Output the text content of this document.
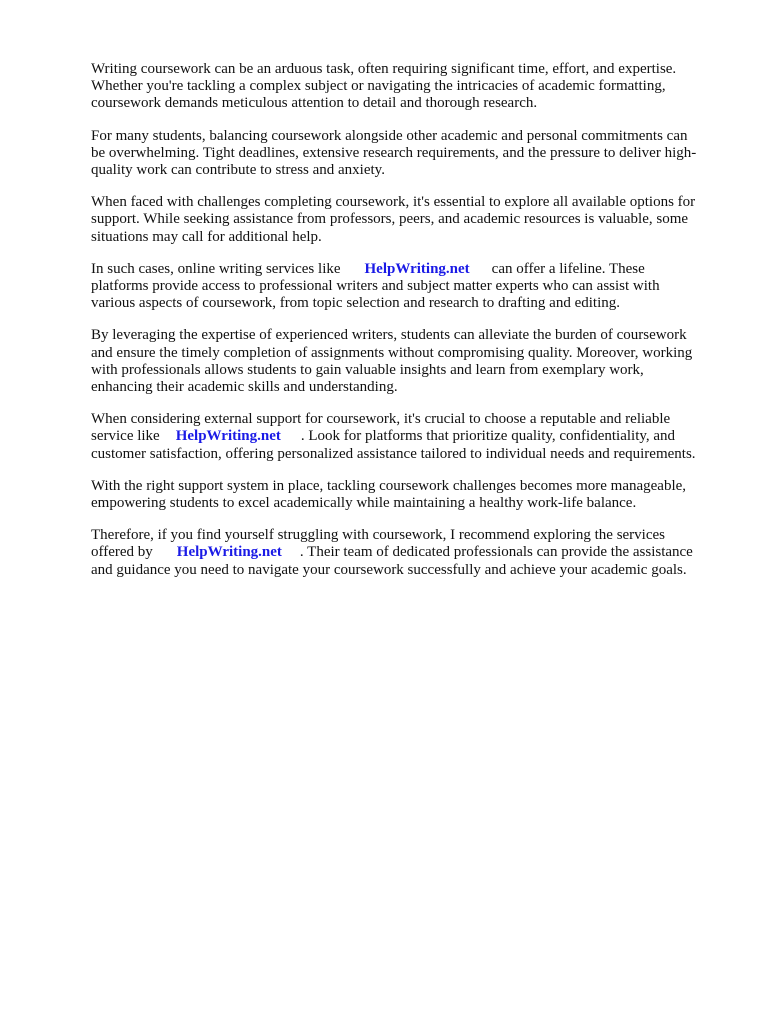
Writing coursework can be an arduous task, often requiring significant time, effort, and expertise.
Whether you're tackling a complex subject or navigating the intricacies of academic formatting,
coursework demands meticulous attention to detail and thorough research.

For many students, balancing coursework alongside other academic and personal commitments can
be overwhelming. Tight deadlines, extensive research requirements, and the pressure to deliver high-
quality work can contribute to stress and anxiety.

When faced with challenges completing coursework, it's essential to explore all available options for
support. While seeking assistance from professors, peers, and academic resources is valuable, some
situations may call for additional help.

In such cases, online writing services like HelpWriting.net can offer a lifeline. These
platforms provide access to professional writers and subject matter experts who can assist with
various aspects of coursework, from topic selection and research to drafting and editing.

By leveraging the expertise of experienced writers, students can alleviate the burden of coursework
and ensure the timely completion of assignments without compromising quality. Moreover, working
with professionals allows students to gain valuable insights and learn from exemplary work,
enhancing their academic skills and understanding.

When considering external support for coursework, it's crucial to choose a reputable and reliable
service like HelpWriting.net . Look for platforms that prioritize quality, confidentiality, and
customer satisfaction, offering personalized assistance tailored to individual needs and requirements.

With the right support system in place, tackling coursework challenges becomes more manageable,
empowering students to excel academically while maintaining a healthy work-life balance.

Therefore, if you find yourself struggling with coursework, I recommend exploring the services
offered by HelpWriting.net . Their team of dedicated professionals can provide the assistance
and guidance you need to navigate your coursework successfully and achieve your academic goals.
